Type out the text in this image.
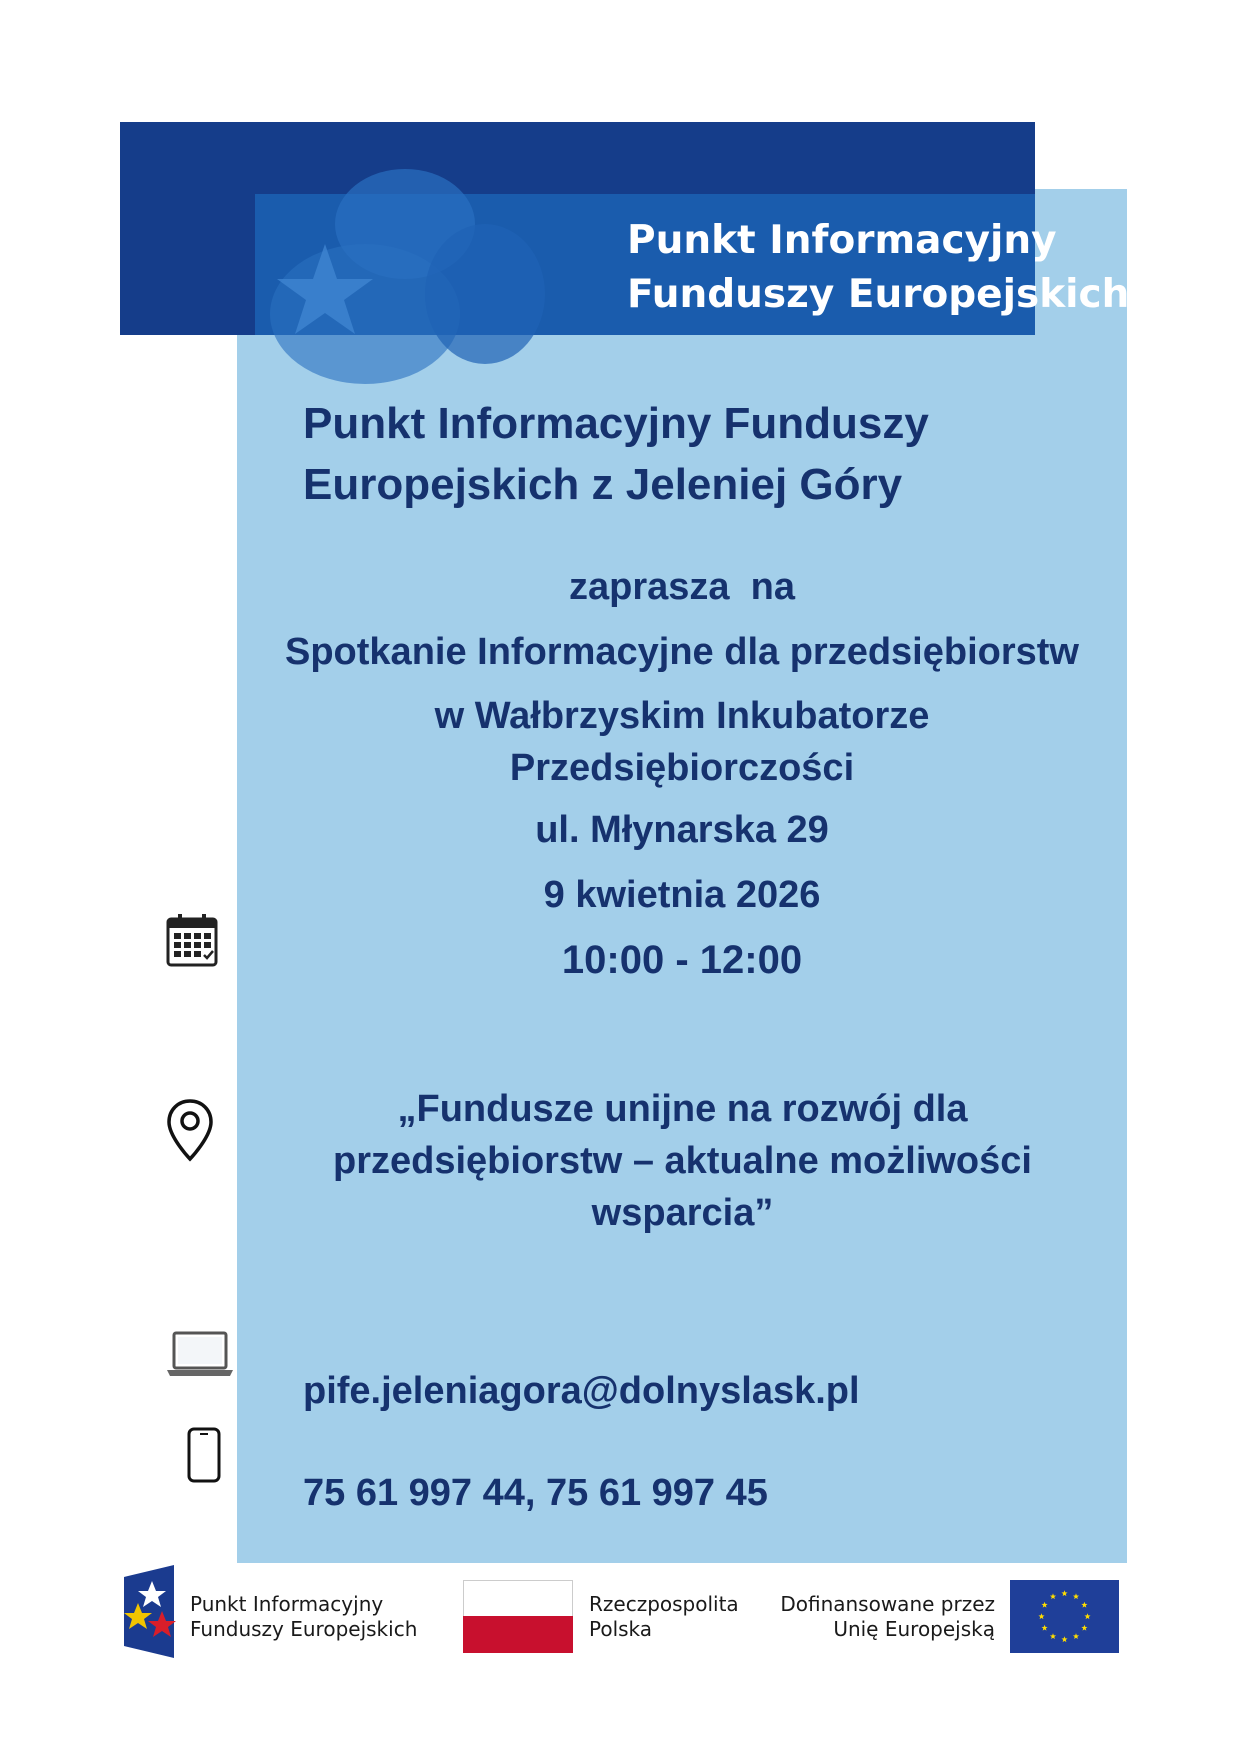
Punkt Informacyjny
Funduszy Europejskich
Punkt Informacyjny Funduszy
Europejskich z Jeleniej Góry
zaprasza  na
Spotkanie Informacyjne dla przedsiębiorstw
w Wałbrzyskim Inkubatorze
Przedsiębiorczości
ul. Młynarska 29
9 kwietnia 2026
10:00 - 12:00
„Fundusze unijne na rozwój dla
przedsiębiorstw – aktualne możliwości
wsparcia”
pife.jeleniagora@dolnyslask.pl
75 61 997 44, 75 61 997 45
Punkt Informacyjny
Funduszy Europejskich
Rzeczpospolita
Polska
Dofinansowane przez
Unię Europejską
